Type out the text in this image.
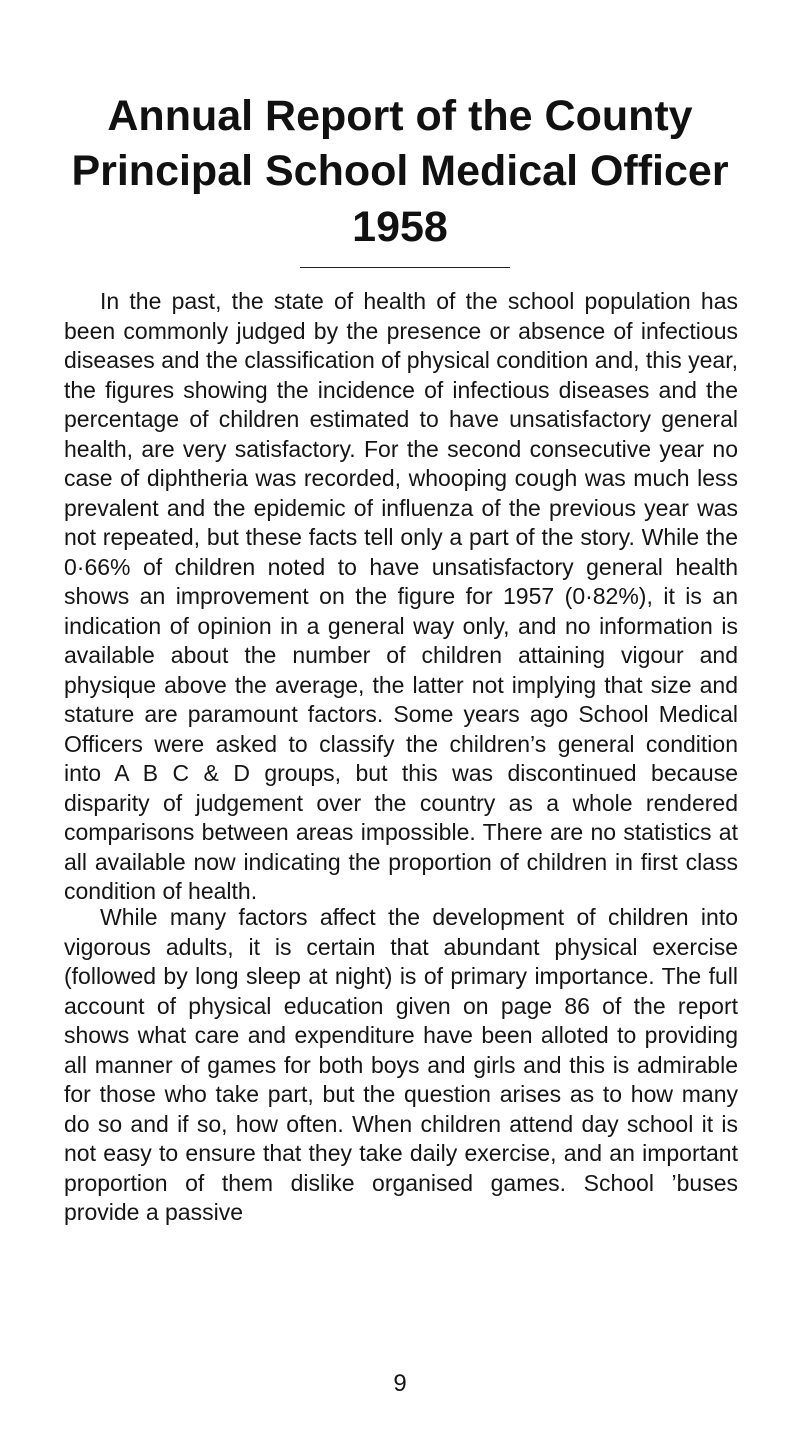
Annual Report of the County
Principal School Medical Officer
1958

In the past, the state of health of the school population has been commonly judged by the presence or absence of infectious diseases and the classification of physical condition and, this year, the figures showing the incidence of infectious diseases and the percentage of children estimated to have unsatisfactory general health, are very satisfactory. For the second consecutive year no case of diphtheria was recorded, whooping cough was much less prevalent and the epidemic of influenza of the previous year was not repeated, but these facts tell only a part of the story. While the 0·66% of children noted to have unsatisfactory general health shows an improvement on the figure for 1957 (0·82%), it is an indication of opinion in a general way only, and no information is available about the number of children attaining vigour and physique above the average, the latter not implying that size and stature are paramount factors. Some years ago School Medical Officers were asked to classify the children’s general condition into A B C & D groups, but this was discontinued because disparity of judgement over the country as a whole rendered comparisons between areas impossible. There are no statistics at all available now indicating the proportion of children in first class condition of health.

While many factors affect the development of children into vigorous adults, it is certain that abundant physical exercise (followed by long sleep at night) is of primary importance. The full account of physical education given on page 86 of the report shows what care and expenditure have been alloted to providing all manner of games for both boys and girls and this is admirable for those who take part, but the question arises as to how many do so and if so, how often. When children attend day school it is not easy to ensure that they take daily exercise, and an important proportion of them dislike organised games. School ’buses provide a passive

9
